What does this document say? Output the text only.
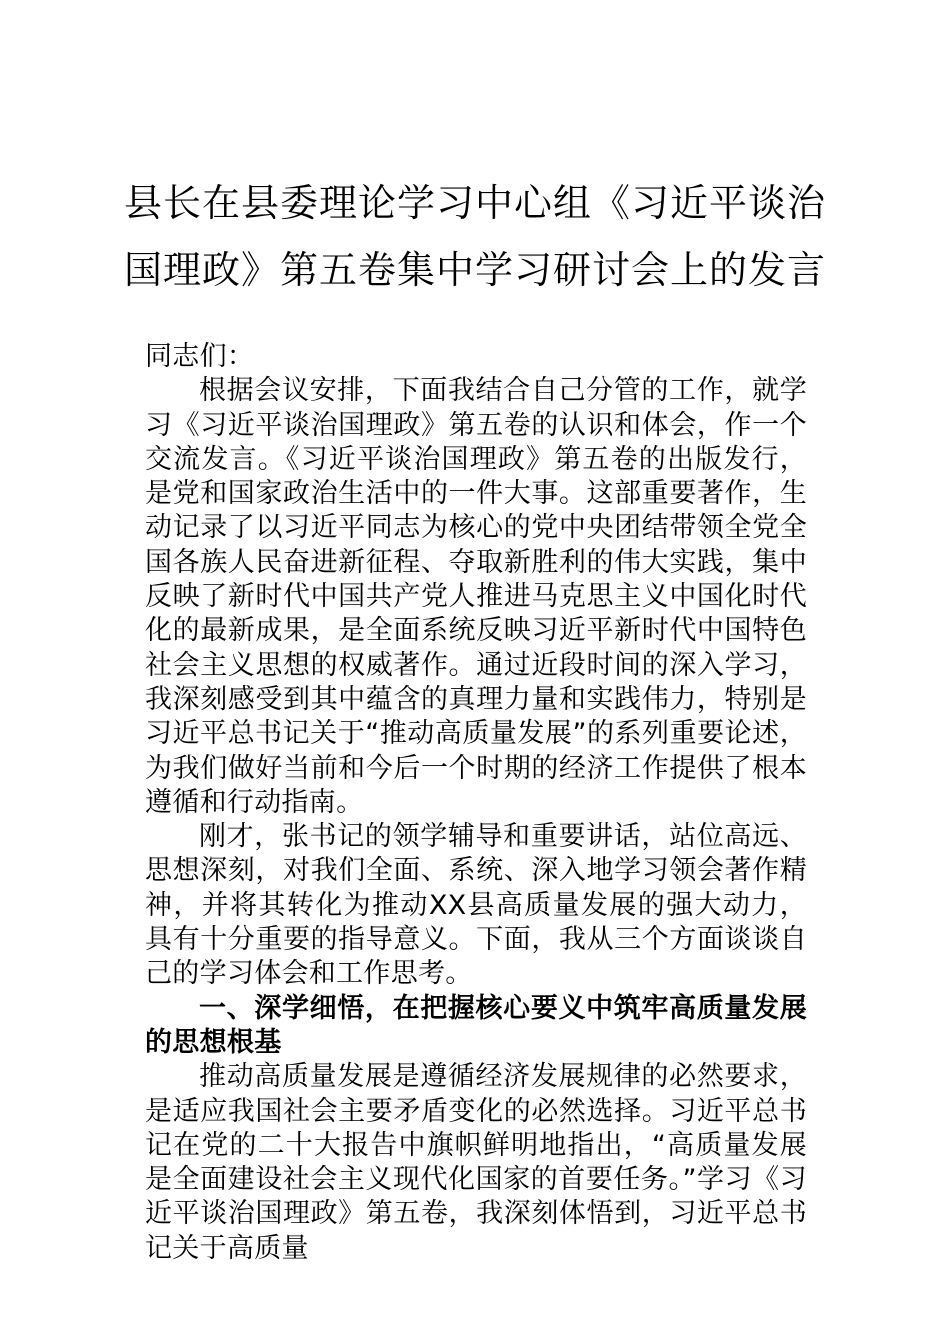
县长在县委理论学习中心组《习近平谈治
国理政》第五卷集中学习研讨会上的发言

同志们：

根据会议安排，下面我结合自己分管的工作，就学习《习近平谈治国理政》第五卷的认识和体会，作一个交流发言。《习近平谈治国理政》第五卷的出版发行，是党和国家政治生活中的一件大事。这部重要著作，生动记录了以习近平同志为核心的党中央团结带领全党全国各族人民奋进新征程、夺取新胜利的伟大实践，集中反映了新时代中国共产党人推进马克思主义中国化时代化的最新成果，是全面系统反映习近平新时代中国特色社会主义思想的权威著作。通过近段时间的深入学习，我深刻感受到其中蕴含的真理力量和实践伟力，特别是习近平总书记关于“推动高质量发展”的系列重要论述，为我们做好当前和今后一个时期的经济工作提供了根本遵循和行动指南。

刚才，张书记的领学辅导和重要讲话，站位高远、思想深刻，对我们全面、系统、深入地学习领会著作精神，并将其转化为推动XX县高质量发展的强大动力，具有十分重要的指导意义。下面，我从三个方面谈谈自己的学习体会和工作思考。

一、深学细悟，在把握核心要义中筑牢高质量发展的思想根基

推动高质量发展是遵循经济发展规律的必然要求，是适应我国社会主要矛盾变化的必然选择。习近平总书记在党的二十大报告中旗帜鲜明地指出，“高质量发展是全面建设社会主义现代化国家的首要任务。”学习《习近平谈治国理政》第五卷，我深刻体悟到，习近平总书记关于高质量
